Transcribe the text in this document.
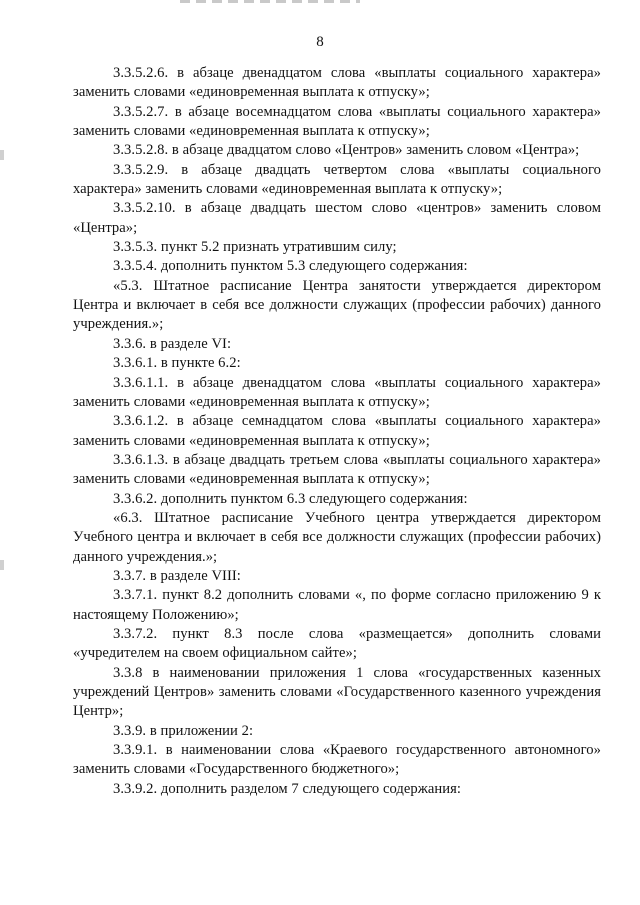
8

3.3.5.2.6. в абзаце двенадцатом слова «выплаты социального характера» заменить словами «единовременная выплата к отпуску»;

3.3.5.2.7. в абзаце восемнадцатом слова «выплаты социального характера» заменить словами «единовременная выплата к отпуску»;

3.3.5.2.8. в абзаце двадцатом слово «Центров» заменить словом «Центра»;

3.3.5.2.9. в абзаце двадцать четвертом слова «выплаты социального характера» заменить словами «единовременная выплата к отпуску»;

3.3.5.2.10. в абзаце двадцать шестом слово «центров» заменить словом «Центра»;

3.3.5.3. пункт 5.2 признать утратившим силу;

3.3.5.4. дополнить пунктом 5.3 следующего содержания:

«5.3. Штатное расписание Центра занятости утверждается директором Центра и включает в себя все должности служащих (профессии рабочих) данного учреждения.»;

3.3.6. в разделе VI:

3.3.6.1. в пункте 6.2:

3.3.6.1.1. в абзаце двенадцатом слова «выплаты социального характера» заменить словами «единовременная выплата к отпуску»;

3.3.6.1.2. в абзаце семнадцатом слова «выплаты социального характера» заменить словами «единовременная выплата к отпуску»;

3.3.6.1.3. в абзаце двадцать третьем слова «выплаты социального характера» заменить словами «единовременная выплата к отпуску»;

3.3.6.2. дополнить пунктом 6.3 следующего содержания:

«6.3. Штатное расписание Учебного центра утверждается директором Учебного центра и включает в себя все должности служащих (профессии рабочих) данного учреждения.»;

3.3.7. в разделе VIII:

3.3.7.1. пункт 8.2 дополнить словами «, по форме согласно приложению 9 к настоящему Положению»;

3.3.7.2. пункт 8.3 после слова «размещается» дополнить словами «учредителем на своем официальном сайте»;

3.3.8 в наименовании приложения 1 слова «государственных казенных учреждений Центров» заменить словами «Государственного казенного учреждения Центр»;

3.3.9. в приложении 2:

3.3.9.1. в наименовании слова «Краевого государственного автономного» заменить словами «Государственного бюджетного»;

3.3.9.2. дополнить разделом 7 следующего содержания:
